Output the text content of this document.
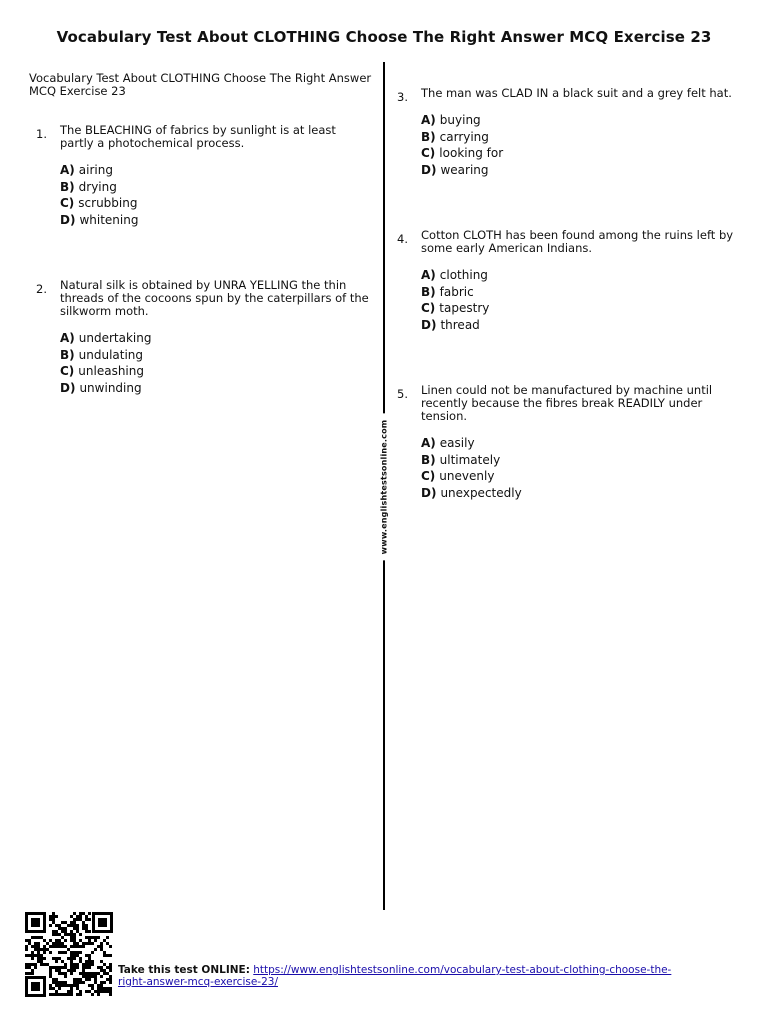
Vocabulary Test About CLOTHING Choose The Right Answer MCQ Exercise 23
Vocabulary Test About CLOTHING Choose The Right Answer MCQ Exercise 23
www.englishtestsonline.com
1. The BLEACHING of fabrics by sunlight is at least partly a photochemical process.

A) airing
B) drying
C) scrubbing
D) whitening
2. Natural silk is obtained by UNRA YELLING the thin threads of the cocoons spun by the caterpillars of the silkworm moth.

A) undertaking
B) undulating
C) unleashing
D) unwinding
3. The man was CLAD IN a black suit and a grey felt hat.

A) buying
B) carrying
C) looking for
D) wearing
4. Cotton CLOTH has been found among the ruins left by some early American Indians.

A) clothing
B) fabric
C) tapestry
D) thread
5. Linen could not be manufactured by machine until recently because the fibres break READILY under tension.

A) easily
B) ultimately
C) unevenly
D) unexpectedly
Take this test ONLINE: https://www.englishtestsonline.com/vocabulary-test-about-clothing-choose-the-right-answer-mcq-exercise-23/
